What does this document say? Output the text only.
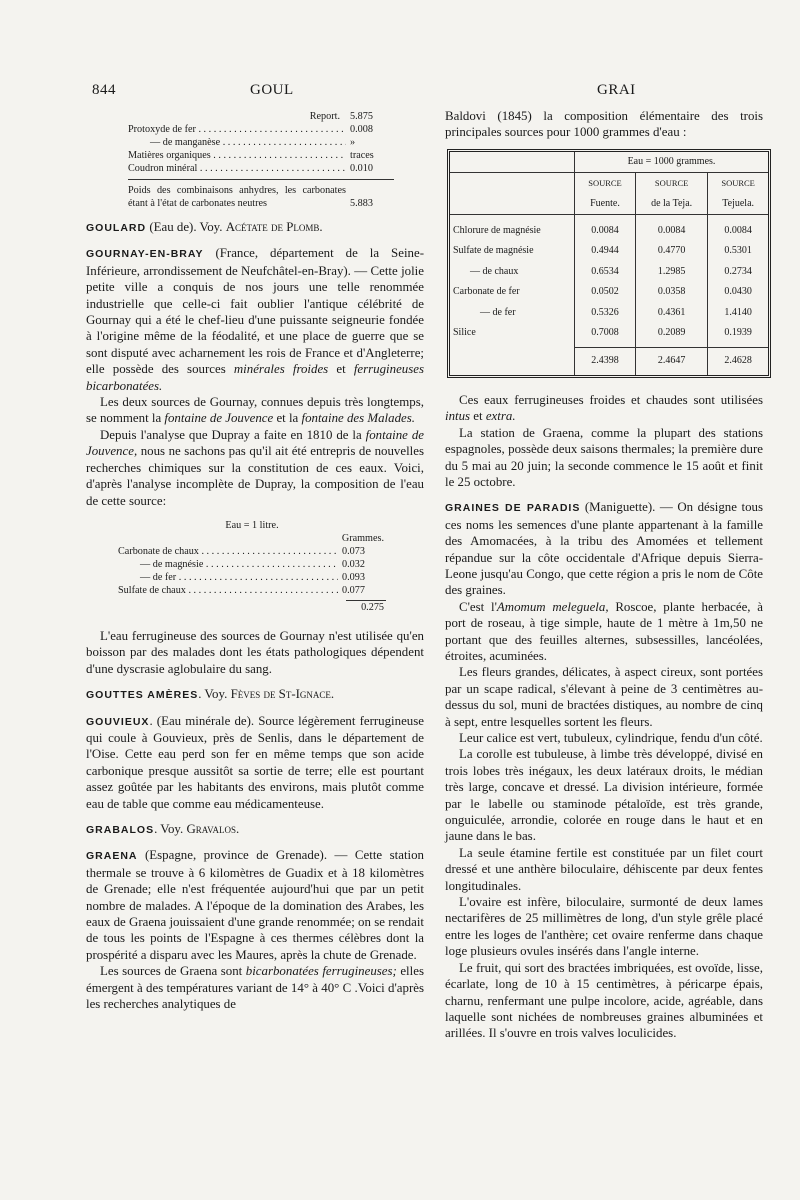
844	GOUL	GRAI
Report. 5.875
Protoxyde de fer . . .	0.008
— de manganèse . . .	»
Matières organiques . . .	traces
Coudron minéral . . .	0.010
Poids des combinaisons anhydres, les carbonates étant à l'état de carbonates neutres	5.883

GOULARD (Eau de). Voy. Acétate de Plomb.

GOURNAY-EN-BRAY (France, département de la Seine-Inférieure, arrondissement de Neufchâtel-en-Bray). — Cette jolie petite ville a conquis de nos jours une telle renommée industrielle que celle-ci fait oublier l'antique célébrité de Gournay qui a été le chef-lieu d'une puissante seigneurie fondée à l'origine même de la féodalité, et une place de guerre que se sont disputé avec acharnement les rois de France et d'Angleterre; elle possède des sources minérales froides et ferrugineuses bicarbonatées.

Les deux sources de Gournay, connues depuis très longtemps, se nomment la fontaine de Jouvence et la fontaine des Malades.

Depuis l'analyse que Dupray a faite en 1810 de la fontaine de Jouvence, nous ne sachons pas qu'il ait été entrepris de nouvelles recherches chimiques sur la constitution de ces eaux. Voici, d'après l'analyse incomplète de Dupray, la composition de l'eau de cette source:

Eau = 1 litre.
Grammes.
Carbonate de chaux . . .	0.073
— de magnésie . . .	0.032
— de fer . . .	0.093
Sulfate de chaux . . .	0.077
0.275

L'eau ferrugineuse des sources de Gournay n'est utilisée qu'en boisson par des malades dont les états pathologiques dépendent d'une dyscrasie aglobulaire du sang.

GOUTTES AMÈRES. Voy. Fèves de St-Ignace.

GOUVIEUX. (Eau minérale de). Source légèrement ferrugineuse qui coule à Gouvieux, près de Senlis, dans le département de l'Oise. Cette eau perd son fer en même temps que son acide carbonique presque aussitôt sa sortie de terre; elle est pourtant assez goûtée par les habitants des environs, mais plutôt comme eau de table que comme eau médicamenteuse.

GRABALOS. Voy. Gravalos.

GRAENA (Espagne, province de Grenade). — Cette station thermale se trouve à 6 kilomètres de Guadix et à 18 kilomètres de Grenade; elle n'est fréquentée aujourd'hui que par un petit nombre de malades. A l'époque de la domination des Arabes, les eaux de Graena jouissaient d'une grande renommée; on se rendait de tous les points de l'Espagne à ces thermes célèbres dont la prospérité a disparu avec les Maures, après la chute de Grenade.

Les sources de Graena sont bicarbonatées ferrugineuses; elles émergent à des températures variant de 14° à 40° C .Voici d'après les recherches analytiques de

Baldovi (1845) la composition élémentaire des trois principales sources pour 1000 grammes d'eau :

	Eau = 1000 grammes.		
	SOURCE	SOURCE	SOURCE
	Fuente.	de la Teja.	Tejuela.
Chlorure de magnésie	0.0084	0.0084	0.0084
Sulfate de magnésie	0.4944	0.4770	0.5301
— de chaux	0.6534	1.2985	0.2734
Carbonate de fer	0.0502	0.0358	0.0430
— de fer	0.5326	0.4361	1.4140
Silice	0.7008	0.2089	0.1939
	2.4398	2.4647	2.4628

Ces eaux ferrugineuses froides et chaudes sont utilisées intus et extra.

La station de Graena, comme la plupart des stations espagnoles, possède deux saisons thermales; la première dure du 5 mai au 20 juin; la seconde commence le 15 août et finit le 25 octobre.

GRAINES DE PARADIS (Maniguette). — On désigne tous ces noms les semences d'une plante appartenant à la famille des Amomacées, à la tribu des Amomées et tellement répandue sur la côte occidentale d'Afrique depuis Sierra-Leone jusqu'au Congo, que cette région a pris le nom de Côte des graines.

C'est l'Amomum meleguela, Roscoe, plante herbacée, à port de roseau, à tige simple, haute de 1 mètre à 1m,50 ne portant que des feuilles alternes, subsessilles, lancéolées, étroites, acuminées.

Les fleurs grandes, délicates, à aspect cireux, sont portées par un scape radical, s'élevant à peine de 3 centimètres au-dessus du sol, muni de bractées distiques, au nombre de cinq à sept, entre lesquelles sortent les fleurs.

Leur calice est vert, tubuleux, cylindrique, fendu d'un côté.

La corolle est tubuleuse, à limbe très développé, divisé en trois lobes très inégaux, les deux latéraux droits, le médian très large, concave et dressé. La division intérieure, formée par le labelle ou staminode pétaloïde, est très grande, onguiculée, arrondie, colorée en rouge dans le haut et en jaune dans le bas.

La seule étamine fertile est constituée par un filet court dressé et une anthère biloculaire, déhiscente par deux fentes longitudinales.

L'ovaire est infère, biloculaire, surmonté de deux lames nectarifères de 25 millimètres de long, d'un style grêle placé entre les loges de l'anthère; cet ovaire renferme dans chaque loge plusieurs ovules insérés dans l'angle interne.

Le fruit, qui sort des bractées imbriquées, est ovoïde, lisse, écarlate, long de 10 à 15 centimètres, à péricarpe épais, charnu, renfermant une pulpe incolore, acide, agréable, dans laquelle sont nichées de nombreuses graines albuminées et arillées. Il s'ouvre en trois valves loculicides.
